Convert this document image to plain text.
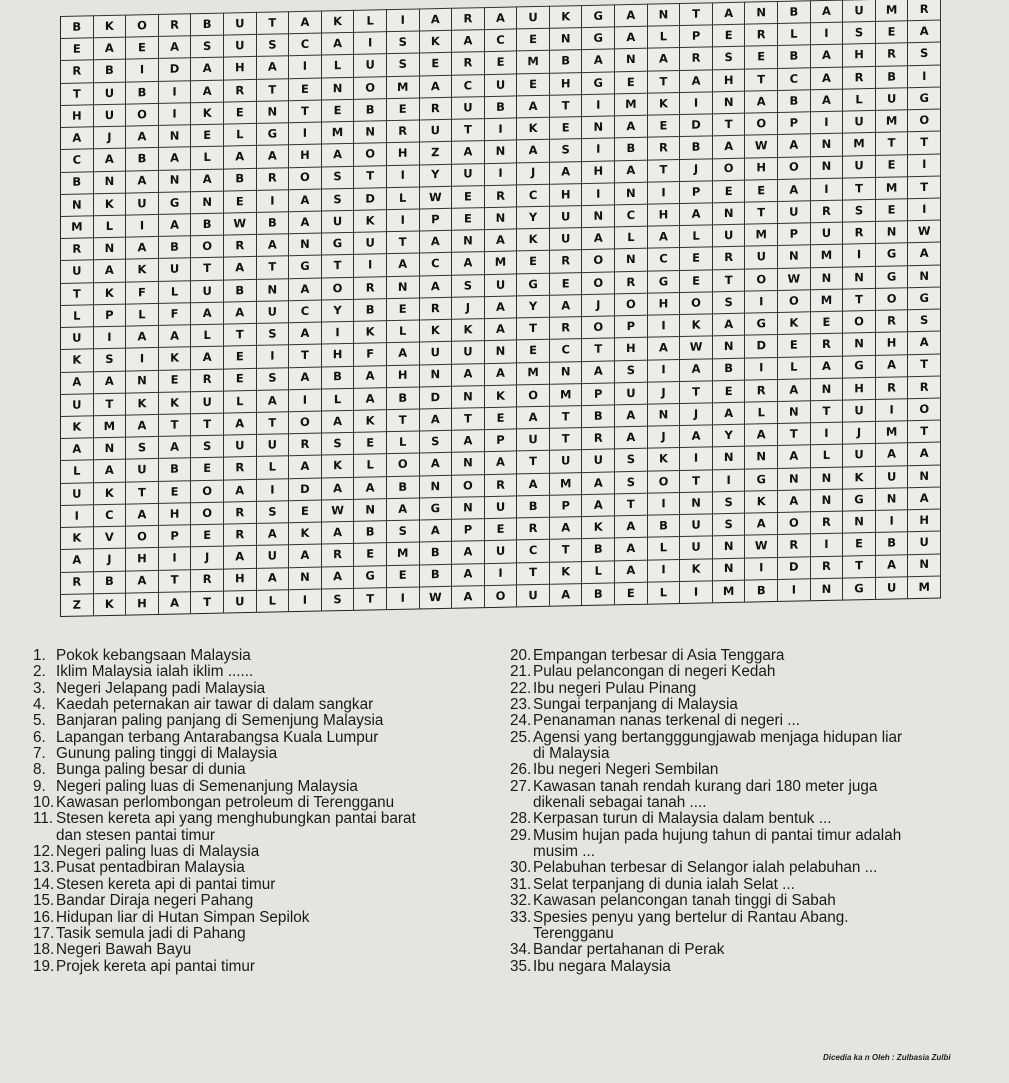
B	K	O	R	B	U	T	A	K	L	I	A	R	A	U	K	G	A	N	T	A	N	B	A	U	M	R
E	A	E	A	S	U	S	C	A	I	S	K	A	C	E	N	G	A	L	P	E	R	L	I	S	E	A
R	B	I	D	A	H	A	I	L	U	S	E	R	E	M	B	A	N	A	R	S	E	B	A	H	R	S
T	U	B	I	A	R	T	E	N	O	M	A	C	U	E	H	G	E	T	A	H	T	C	A	R	B	I
H	U	O	I	K	E	N	T	E	B	E	R	U	B	A	T	I	M	K	I	N	A	B	A	L	U	G
A	J	A	N	E	L	G	I	M	N	R	U	T	I	K	E	N	A	E	D	T	O	P	I	U	M	O
C	A	B	A	L	A	A	H	A	O	H	Z	A	N	A	S	I	B	R	B	A	W	A	N	M	T	T
B	N	A	N	A	B	R	O	S	T	I	Y	U	I	J	A	H	A	T	J	O	H	O	N	U	E	I
N	K	U	G	N	E	I	A	S	D	L	W	E	R	C	H	I	N	I	P	E	E	A	I	T	M	T
M	L	I	A	B	W	B	A	U	K	I	P	E	N	Y	U	N	C	H	A	N	T	U	R	S	E	I
R	N	A	B	O	R	A	N	G	U	T	A	N	A	K	U	A	L	A	L	U	M	P	U	R	N	W
U	A	K	U	T	A	T	G	T	I	A	C	A	M	E	R	O	N	C	E	R	U	N	M	I	G	A
T	K	F	L	U	B	N	A	O	R	N	A	S	U	G	E	O	R	G	E	T	O	W	N	N	G	N
L	P	L	F	A	A	U	C	Y	B	E	R	J	A	Y	A	J	O	H	O	S	I	O	M	T	O	G
U	I	A	A	L	T	S	A	I	K	L	K	K	A	T	R	O	P	I	K	A	G	K	E	O	R	S
K	S	I	K	A	E	I	T	H	F	A	U	U	N	E	C	T	H	A	W	N	D	E	R	N	H	A
A	A	N	E	R	E	S	A	B	A	H	N	A	A	M	N	A	S	I	A	B	I	L	A	G	A	T
U	T	K	K	U	L	A	I	L	A	B	D	N	K	O	M	P	U	J	T	E	R	A	N	H	R	R
K	M	A	T	T	A	T	O	A	K	T	A	T	E	A	T	B	A	N	J	A	L	N	T	U	I	O
A	N	S	A	S	U	U	R	S	E	L	S	A	P	U	T	R	A	J	A	Y	A	T	I	J	M	T
L	A	U	B	E	R	L	A	K	L	O	A	N	A	T	U	U	S	K	I	N	N	A	L	U	A	A
U	K	T	E	O	A	I	D	A	A	B	N	O	R	A	M	A	S	O	T	I	G	N	N	K	U	N
I	C	A	H	O	R	S	E	W	N	A	G	N	U	B	P	A	T	I	N	S	K	A	N	G	N	A
K	V	O	P	E	R	A	K	A	B	S	A	P	E	R	A	K	A	B	U	S	A	O	R	N	I	H
A	J	H	I	J	A	U	A	R	E	M	B	A	U	C	T	B	A	L	U	N	W	R	I	E	B	U
R	B	A	T	R	H	A	N	A	G	E	B	A	I	T	K	L	A	I	K	N	I	D	R	T	A	N
Z	K	H	A	T	U	L	I	S	T	I	W	A	O	U	A	B	E	L	I	M	B	I	N	G	U	M
1. Pokok kebangsaan Malaysia
2. Iklim Malaysia ialah iklim ......
3. Negeri Jelapang padi Malaysia
4. Kaedah peternakan air tawar di dalam sangkar
5. Banjaran paling panjang di Semenjung Malaysia
6. Lapangan terbang Antarabangsa Kuala Lumpur
7. Gunung paling tinggi di Malaysia
8. Bunga paling besar di dunia
9. Negeri paling luas di Semenanjung Malaysia
10. Kawasan perlombongan petroleum di Terengganu
11. Stesen kereta api yang menghubungkan pantai barat
dan stesen pantai timur
12. Negeri paling luas di Malaysia
13. Pusat pentadbiran Malaysia
14. Stesen kereta api di pantai timur
15. Bandar Diraja negeri Pahang
16. Hidupan liar di Hutan Simpan Sepilok
17. Tasik semula jadi di Pahang
18. Negeri Bawah Bayu
19. Projek kereta api pantai timur
20. Empangan terbesar di Asia Tenggara
21. Pulau pelancongan di negeri Kedah
22. Ibu negeri Pulau Pinang
23. Sungai terpanjang di Malaysia
24. Penanaman nanas terkenal di negeri ...
25. Agensi yang bertangggungjawab menjaga hidupan liar
di Malaysia
26. Ibu negeri Negeri Sembilan
27. Kawasan tanah rendah kurang dari 180 meter juga
dikenali sebagai tanah ....
28. Kerpasan turun di Malaysia dalam bentuk ...
29. Musim hujan pada hujung tahun di pantai timur adalah
musim ...
30. Pelabuhan terbesar di Selangor ialah pelabuhan ...
31. Selat terpanjang di dunia ialah Selat ...
32. Kawasan pelancongan tanah tinggi di Sabah
33. Spesies penyu yang bertelur di Rantau Abang.
Terengganu
34. Bandar pertahanan di Perak
35. Ibu negara Malaysia
Dicedia ka n Oleh : Zulbasia Zulbi
